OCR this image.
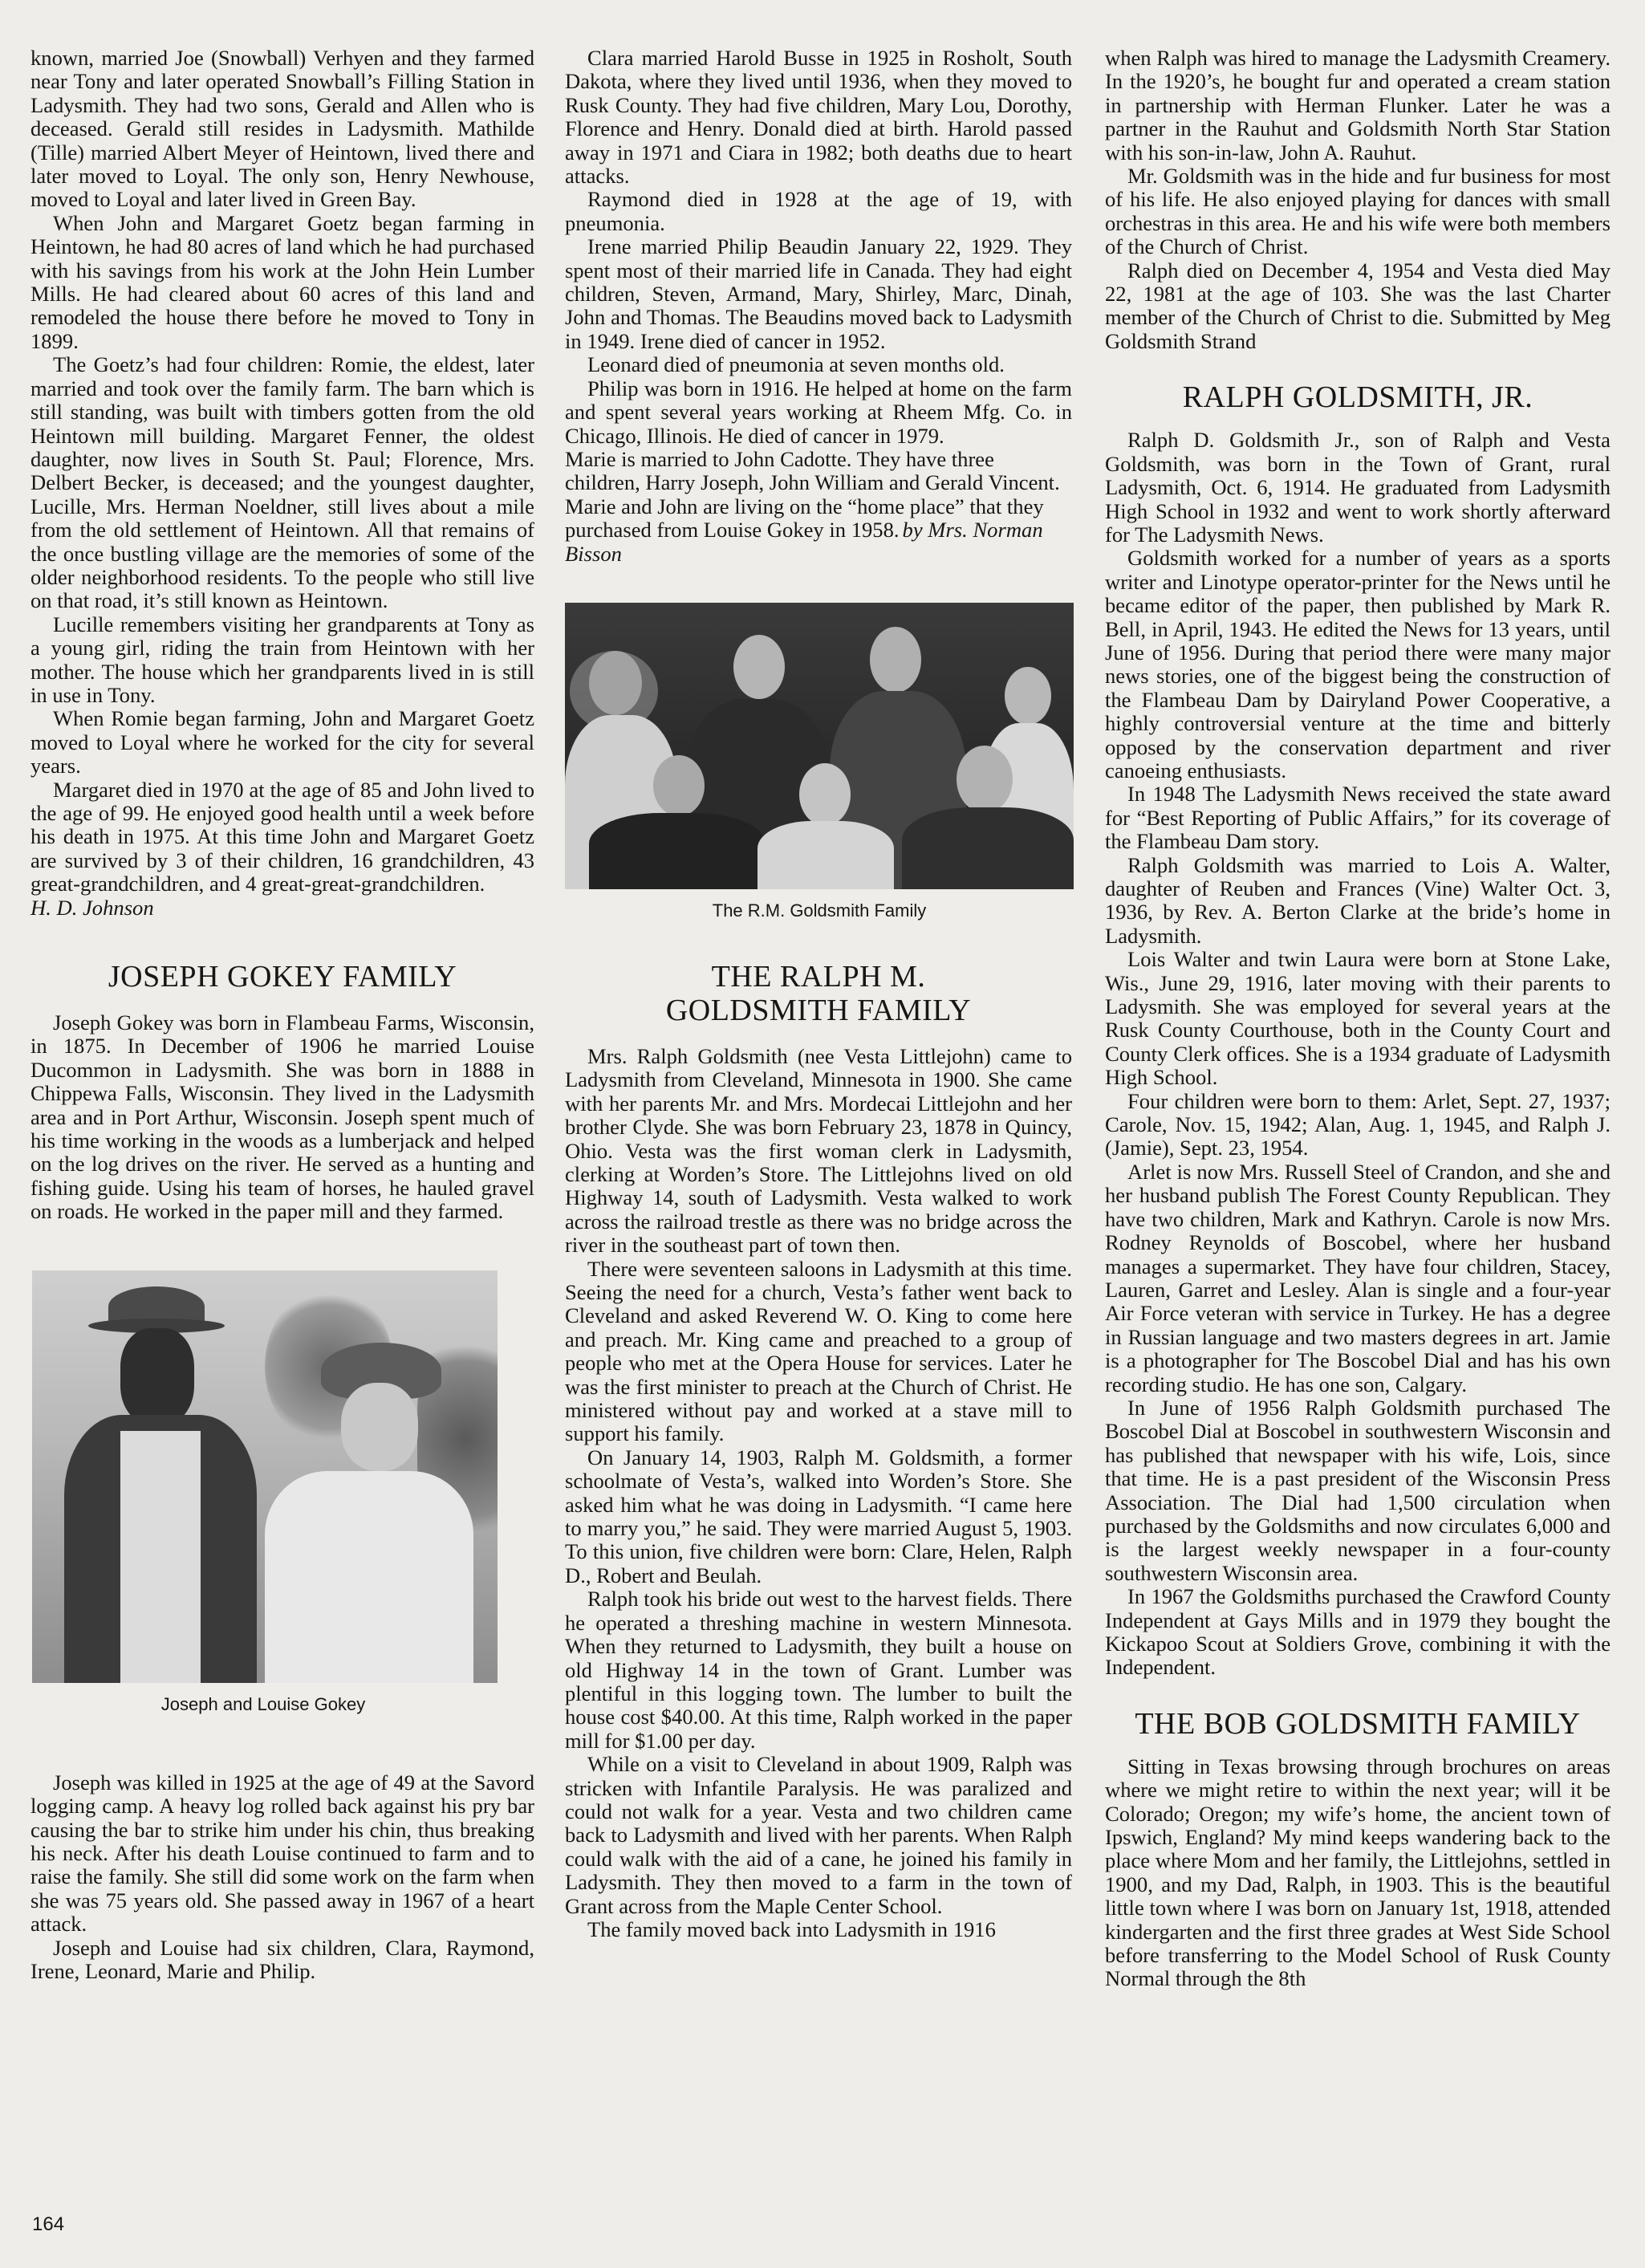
known, married Joe (Snowball) Verhyen and they farmed near Tony and later operated Snowball’s Filling Station in Ladysmith. They had two sons, Gerald and Allen who is deceased. Gerald still resides in Ladysmith. Mathilde (Tille) married Albert Meyer of Heintown, lived there and later moved to Loyal. The only son, Henry Newhouse, moved to Loyal and later lived in Green Bay.

When John and Margaret Goetz began farming in Heintown, he had 80 acres of land which he had purchased with his savings from his work at the John Hein Lumber Mills. He had cleared about 60 acres of this land and remodeled the house there before he moved to Tony in 1899.

The Goetz’s had four children: Romie, the eldest, later married and took over the family farm. The barn which is still standing, was built with timbers gotten from the old Heintown mill building. Margaret Fenner, the oldest daughter, now lives in South St. Paul; Florence, Mrs. Delbert Becker, is deceased; and the youngest daughter, Lucille, Mrs. Herman Noeldner, still lives about a mile from the old settlement of Heintown. All that remains of the once bustling village are the memories of some of the older neighborhood residents. To the people who still live on that road, it’s still known as Heintown.

Lucille remembers visiting her grandparents at Tony as a young girl, riding the train from Heintown with her mother. The house which her grandparents lived in is still in use in Tony.

When Romie began farming, John and Margaret Goetz moved to Loyal where he worked for the city for several years.

Margaret died in 1970 at the age of 85 and John lived to the age of 99. He enjoyed good health until a week before his death in 1975. At this time John and Margaret Goetz are survived by 3 of their children, 16 grandchildren, 43 great-grandchildren, and 4 great-great-grandchildren.

H. D. Johnson

JOSEPH GOKEY FAMILY

Joseph Gokey was born in Flambeau Farms, Wisconsin, in 1875. In December of 1906 he married Louise Ducommon in Ladysmith. She was born in 1888 in Chippewa Falls, Wisconsin. They lived in the Ladysmith area and in Port Arthur, Wisconsin. Joseph spent much of his time working in the woods as a lumberjack and helped on the log drives on the river. He served as a hunting and fishing guide. Using his team of horses, he hauled gravel on roads. He worked in the paper mill and they farmed.

Joseph and Louise Gokey

Joseph was killed in 1925 at the age of 49 at the Savord logging camp. A heavy log rolled back against his pry bar causing the bar to strike him under his chin, thus breaking his neck. After his death Louise continued to farm and to raise the family. She still did some work on the farm when she was 75 years old. She passed away in 1967 of a heart attack.

Joseph and Louise had six children, Clara, Raymond, Irene, Leonard, Marie and Philip.

Clara married Harold Busse in 1925 in Rosholt, South Dakota, where they lived until 1936, when they moved to Rusk County. They had five children, Mary Lou, Dorothy, Florence and Henry. Donald died at birth. Harold passed away in 1971 and Ciara in 1982; both deaths due to heart attacks.

Raymond died in 1928 at the age of 19, with pneumonia.

Irene married Philip Beaudin January 22, 1929. They spent most of their married life in Canada. They had eight children, Steven, Armand, Mary, Shirley, Marc, Dinah, John and Thomas. The Beaudins moved back to Ladysmith in 1949. Irene died of cancer in 1952.

Leonard died of pneumonia at seven months old.

Philip was born in 1916. He helped at home on the farm and spent several years working at Rheem Mfg. Co. in Chicago, Illinois. He died of cancer in 1979.

Marie is married to John Cadotte. They have three children, Harry Joseph, John William and Gerald Vincent. Marie and John are living on the “home place” that they purchased from Louise Gokey in 1958. by Mrs. Norman Bisson
The R.M. Goldsmith Family
THE RALPH M. GOLDSMITH FAMILY

Mrs. Ralph Goldsmith (nee Vesta Littlejohn) came to Ladysmith from Cleveland, Minnesota in 1900. She came with her parents Mr. and Mrs. Mordecai Littlejohn and her brother Clyde. She was born February 23, 1878 in Quincy, Ohio. Vesta was the first woman clerk in Ladysmith, clerking at Worden’s Store. The Littlejohns lived on old Highway 14, south of Ladysmith. Vesta walked to work across the railroad trestle as there was no bridge across the river in the southeast part of town then.

There were seventeen saloons in Ladysmith at this time. Seeing the need for a church, Vesta’s father went back to Cleveland and asked Reverend W. O. King to come here and preach. Mr. King came and preached to a group of people who met at the Opera House for services. Later he was the first minister to preach at the Church of Christ. He ministered without pay and worked at a stave mill to support his family.

On January 14, 1903, Ralph M. Goldsmith, a former schoolmate of Vesta’s, walked into Worden’s Store. She asked him what he was doing in Ladysmith. “I came here to marry you,” he said. They were married August 5, 1903. To this union, five children were born: Clare, Helen, Ralph D., Robert and Beulah.

Ralph took his bride out west to the harvest fields. There he operated a threshing machine in western Minnesota. When they returned to Ladysmith, they built a house on old Highway 14 in the town of Grant. Lumber was plentiful in this logging town. The lumber to built the house cost $40.00. At this time, Ralph worked in the paper mill for $1.00 per day.

While on a visit to Cleveland in about 1909, Ralph was stricken with Infantile Paralysis. He was paralized and could not walk for a year. Vesta and two children came back to Ladysmith and lived with her parents. When Ralph could walk with the aid of a cane, he joined his family in Ladysmith. They then moved to a farm in the town of Grant across from the Maple Center School.

The family moved back into Ladysmith in 1916

when Ralph was hired to manage the Ladysmith Creamery. In the 1920’s, he bought fur and operated a cream station in partnership with Herman Flunker. Later he was a partner in the Rauhut and Goldsmith North Star Station with his son-in-law, John A. Rauhut.

Mr. Goldsmith was in the hide and fur business for most of his life. He also enjoyed playing for dances with small orchestras in this area. He and his wife were both members of the Church of Christ.

Ralph died on December 4, 1954 and Vesta died May 22, 1981 at the age of 103. She was the last Charter member of the Church of Christ to die. Submitted by Meg Goldsmith Strand

RALPH GOLDSMITH, JR.

Ralph D. Goldsmith Jr., son of Ralph and Vesta Goldsmith, was born in the Town of Grant, rural Ladysmith, Oct. 6, 1914. He graduated from Ladysmith High School in 1932 and went to work shortly afterward for The Ladysmith News.

Goldsmith worked for a number of years as a sports writer and Linotype operator-printer for the News until he became editor of the paper, then published by Mark R. Bell, in April, 1943. He edited the News for 13 years, until June of 1956. During that period there were many major news stories, one of the biggest being the construction of the Flambeau Dam by Dairyland Power Cooperative, a highly controversial venture at the time and bitterly opposed by the conservation department and river canoeing enthusiasts.

In 1948 The Ladysmith News received the state award for “Best Reporting of Public Affairs,” for its coverage of the Flambeau Dam story.

Ralph Goldsmith was married to Lois A. Walter, daughter of Reuben and Frances (Vine) Walter Oct. 3, 1936, by Rev. A. Berton Clarke at the bride’s home in Ladysmith.

Lois Walter and twin Laura were born at Stone Lake, Wis., June 29, 1916, later moving with their parents to Ladysmith. She was employed for several years at the Rusk County Courthouse, both in the County Court and County Clerk offices. She is a 1934 graduate of Ladysmith High School.

Four children were born to them: Arlet, Sept. 27, 1937; Carole, Nov. 15, 1942; Alan, Aug. 1, 1945, and Ralph J. (Jamie), Sept. 23, 1954.

Arlet is now Mrs. Russell Steel of Crandon, and she and her husband publish The Forest County Republican. They have two children, Mark and Kathryn. Carole is now Mrs. Rodney Reynolds of Boscobel, where her husband manages a supermarket. They have four children, Stacey, Lauren, Garret and Lesley. Alan is single and a four-year Air Force veteran with service in Turkey. He has a degree in Russian language and two masters degrees in art. Jamie is a photographer for The Boscobel Dial and has his own recording studio. He has one son, Calgary.

In June of 1956 Ralph Goldsmith purchased The Boscobel Dial at Boscobel in southwestern Wisconsin and has published that newspaper with his wife, Lois, since that time. He is a past president of the Wisconsin Press Association. The Dial had 1,500 circulation when purchased by the Goldsmiths and now circulates 6,000 and is the largest weekly newspaper in a four-county southwestern Wisconsin area.

In 1967 the Goldsmiths purchased the Crawford County Independent at Gays Mills and in 1979 they bought the Kickapoo Scout at Soldiers Grove, combining it with the Independent.

THE BOB GOLDSMITH FAMILY

Sitting in Texas browsing through brochures on areas where we might retire to within the next year; will it be Colorado; Oregon; my wife’s home, the ancient town of Ipswich, England? My mind keeps wandering back to the place where Mom and her family, the Littlejohns, settled in 1900, and my Dad, Ralph, in 1903. This is the beautiful little town where I was born on January 1st, 1918, attended kindergarten and the first three grades at West Side School before transferring to the Model School of Rusk County Normal through the 8th

164
